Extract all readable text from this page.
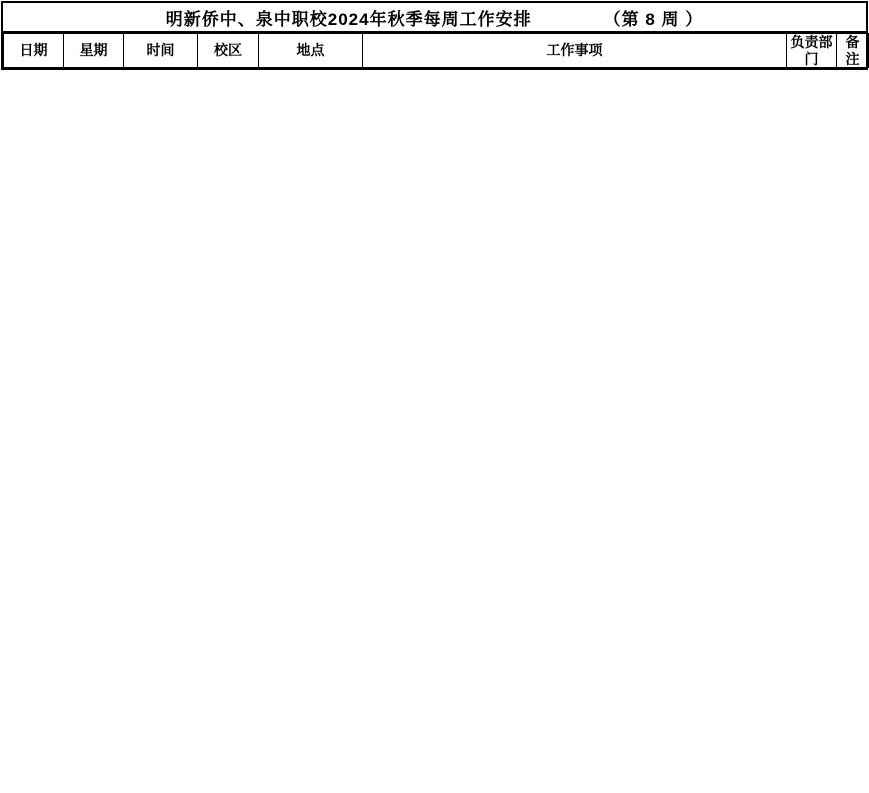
明新侨中、泉中职校2024年秋季每周工作安排	（第 8 周 ）
日期	星期	时间	校区	地点	工作事项	负责部门	备注
